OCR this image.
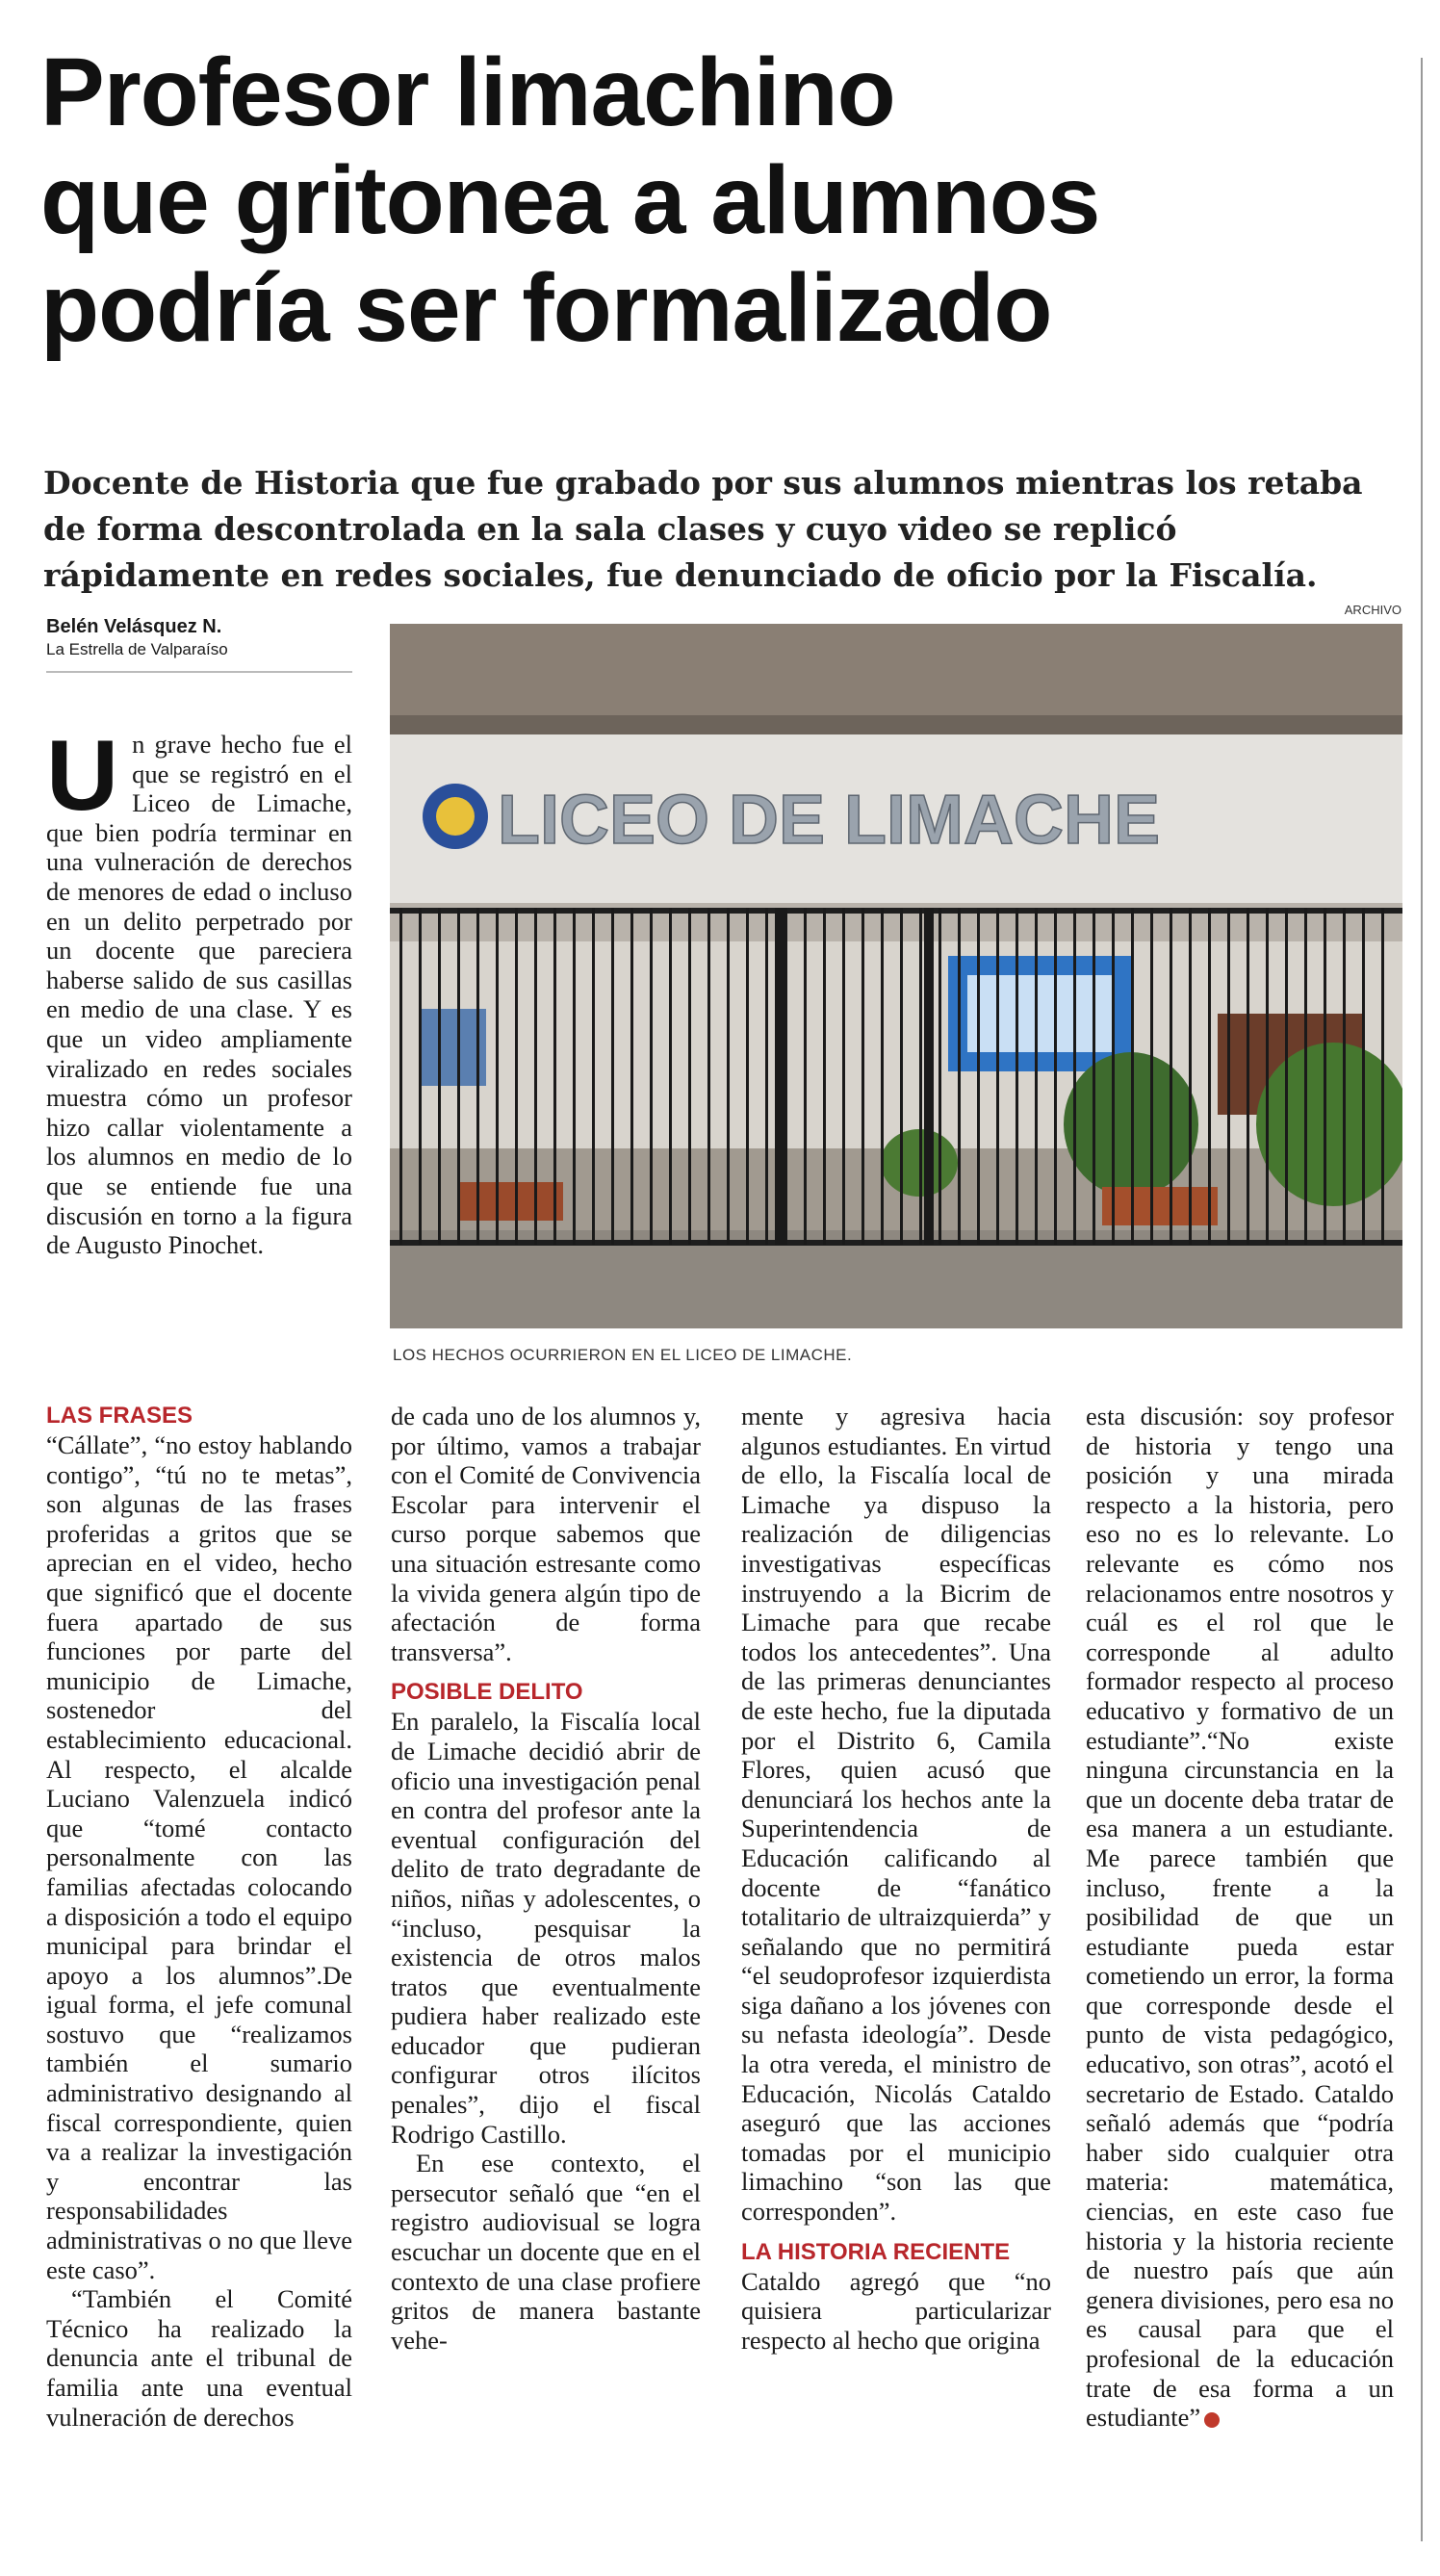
Profesor limachino
que gritonea a alumnos
podría ser formalizado
Docente de Historia que fue grabado por sus alumnos mientras los retaba
de forma descontrolada en la sala clases y cuyo video se replicó
rápidamente en redes sociales, fue denunciado de oficio por la Fiscalía.
ARCHIVO
Belén Velásquez N.
La Estrella de Valparaíso
LICEO DE LIMACHE
LOS HECHOS OCURRIERON EN EL LICEO DE LIMACHE.

Un grave hecho fue el que se registró en el Liceo de Limache, que bien podría terminar en una vulneración de derechos de menores de edad o incluso en un delito perpetrado por un docente que pareciera haberse salido de sus casillas en medio de una clase. Y es que un video ampliamente viralizado en redes sociales muestra cómo un profesor hizo callar violentamente a los alumnos en medio de lo que se entiende fue una discusión en torno a la figura de Augusto Pinochet.

LAS FRASES

“Cállate”, “no estoy hablando contigo”, “tú no te metas”, son algunas de las frases proferidas a gritos que se aprecian en el video, hecho que significó que el docente fuera apartado de sus funciones por parte del municipio de Limache, sostenedor del establecimiento educacional. Al respecto, el alcalde Luciano Valenzuela indicó que “tomé contacto personalmente con las familias afectadas colocando a disposición a todo el equipo municipal para brindar el apoyo a los alumnos”.De igual forma, el jefe comunal sostuvo que “realizamos también el sumario administrativo designando al fiscal correspondiente, quien va a realizar la investigación y encontrar las responsabilidades administrativas o no que lleve este caso”.

“También el Comité Técnico ha realizado la denuncia ante el tribunal de familia ante una eventual vulneración de derechos

de cada uno de los alumnos y, por último, vamos a trabajar con el Comité de Convivencia Escolar para intervenir el curso porque sabemos que una situación estresante como la vivida genera algún tipo de afectación de forma transversa”.

POSIBLE DELITO

En paralelo, la Fiscalía local de Limache decidió abrir de oficio una investigación penal en contra del profesor ante la eventual configuración del delito de trato degradante de niños, niñas y adolescentes, o “incluso, pesquisar la existencia de otros malos tratos que eventualmente pudiera haber realizado este educador que pudieran configurar otros ilícitos penales”, dijo el fiscal Rodrigo Castillo.

En ese contexto, el persecutor señaló que “en el registro audiovisual se logra escuchar un docente que en el contexto de una clase profiere gritos de manera bastante vehe-

mente y agresiva hacia algunos estudiantes. En virtud de ello, la Fiscalía local de Limache ya dispuso la realización de diligencias investigativas específicas instruyendo a la Bicrim de Limache para que recabe todos los antecedentes”. Una de las primeras denunciantes de este hecho, fue la diputada por el Distrito 6, Camila Flores, quien acusó que denunciará los hechos ante la Superintendencia de Educación calificando al docente de “fanático totalitario de ultraizquierda” y señalando que no permitirá “el seudoprofesor izquierdista siga dañano a los jóvenes con su nefasta ideología”. Desde la otra vereda, el ministro de Educación, Nicolás Cataldo aseguró que las acciones tomadas por el municipio limachino “son las que corresponden”.

LA HISTORIA RECIENTE

Cataldo agregó que “no quisiera particularizar respecto al hecho que origina

esta discusión: soy profesor de historia y tengo una posición y una mirada respecto a la historia, pero eso no es lo relevante. Lo relevante es cómo nos relacionamos entre nosotros y cuál es el rol que le corresponde al adulto formador respecto al proceso educativo y formativo de un estudiante”.“No existe ninguna circunstancia en la que un docente deba tratar de esa manera a un estudiante. Me parece también que incluso, frente a la posibilidad de que un estudiante pueda estar cometiendo un error, la forma que corresponde desde el punto de vista pedagógico, educativo, son otras”, acotó el secretario de Estado. Cataldo señaló además que “podría haber sido cualquier otra materia: matemática, ciencias, en este caso fue historia y la historia reciente de nuestro país que aún genera divisiones, pero esa no es causal para que el profesional de la educación trate de esa forma a un estudiante”
